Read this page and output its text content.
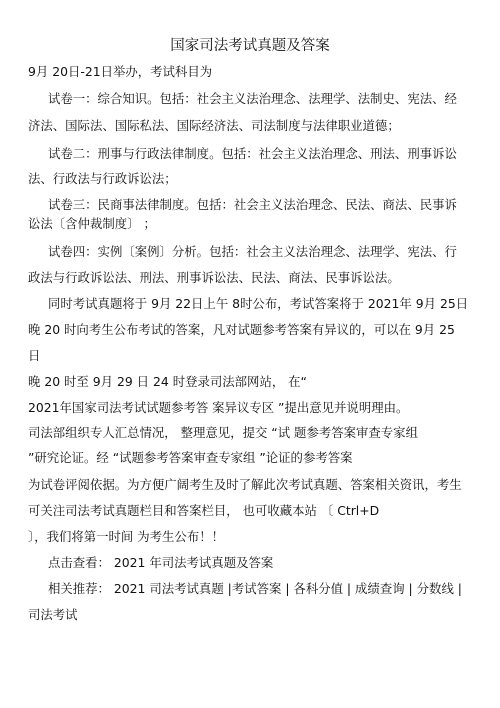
国家司法考试真题及答案
9月 20日-21日举办，考试科目为
试卷一：综合知识。包括：社会主义法治理念、法理学、法制史、宪法、经
济法、国际法、国际私法、国际经济法、司法制度与法律职业道德；
试卷二：刑事与行政法律制度。包括：社会主义法治理念、刑法、刑事诉讼
法、行政法与行政诉讼法；
试卷三：民商事法律制度。包括：社会主义法治理念、民法、商法、民事诉
讼法〔含仲裁制度〕 ；
试卷四：实例〔案例〕分析。包括：社会主义法治理念、法理学、宪法、行
政法与行政诉讼法、刑法、刑事诉讼法、民法、商法、民事诉讼法。
同时考试真题将于 9月 22日上午 8时公布，考试答案将于 2021年 9月 25日
晚 20 时向考生公布考试的答案，凡对试题参考答案有异议的，可以在 9月 25
日
晚 20 时至 9月 29 日 24 时登录司法部网站， 在“
2021年国家司法考试试题参考答 案异议专区 ”提出意见并说明理由。
司法部组织专人汇总情况， 整理意见，提交 “试 题参考答案审查专家组
”研究论证。经 “试题参考答案审查专家组 ”论证的参考答案
为试卷评阅依据。为方便广阔考生及时了解此次考试真题、答案相关资讯，考生
可关注司法考试真题栏目和答案栏目， 也可收藏本站 〔 Ctrl+D
〕，我们将第一时间 为考生公布！！
点击查看： 2021 年司法考试真题及答案
相关推荐： 2021 司法考试真题 |考试答案 | 各科分值 | 成绩查询 | 分数线 |
司法考试
